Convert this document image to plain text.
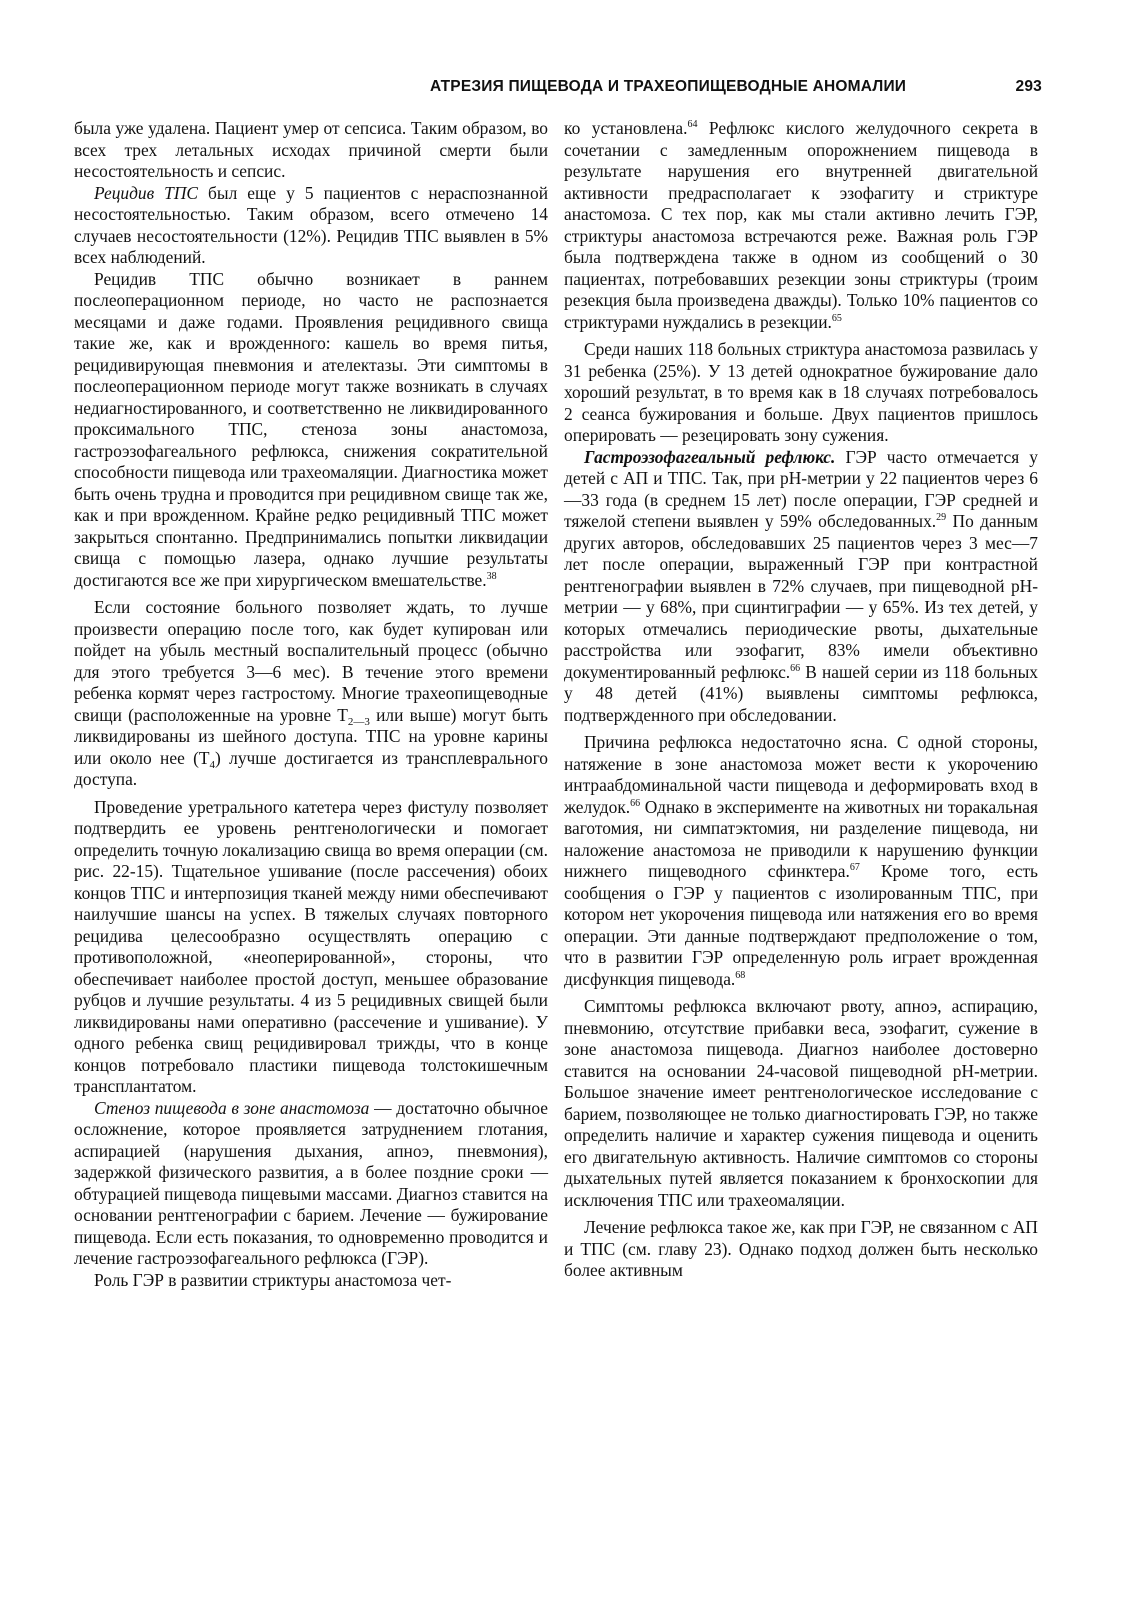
АТРЕЗИЯ ПИЩЕВОДА И ТРАХЕОПИЩЕВОДНЫЕ АНОМАЛИИ	293

была уже удалена. Пациент умер от сепсиса. Таким образом, во всех трех летальных исходах причиной смерти были несостоятельность и сепсис.

Рецидив ТПС был еще у 5 пациентов с нераспознанной несостоятельностью. Таким образом, всего отмечено 14 случаев несостоятельности (12%). Рецидив ТПС выявлен в 5% всех наблюдений.

Рецидив ТПС обычно возникает в раннем послеоперационном периоде, но часто не распознается месяцами и даже годами. Проявления рецидивного свища такие же, как и врожденного: кашель во время питья, рецидивирующая пневмония и ателектазы. Эти симптомы в послеоперационном периоде могут также возникать в случаях недиагностированного, и соответственно не ликвидированного проксимального ТПС, стеноза зоны анастомоза, гастроэзофагеального рефлюкса, снижения сократительной способности пищевода или трахеомаляции. Диагностика может быть очень трудна и проводится при рецидивном свище так же, как и при врожденном. Крайне редко рецидивный ТПС может закрыться спонтанно. Предпринимались попытки ликвидации свища с помощью лазера, однако лучшие результаты достигаются все же при хирургическом вмешательстве.$^{38}$

Если состояние больного позволяет ждать, то лучше произвести операцию после того, как будет купирован или пойдет на убыль местный воспалительный процесс (обычно для этого требуется 3—6 мес). В течение этого времени ребенка кормят через гастростому. Многие трахеопищеводные свищи (расположенные на уровне $Т_{2—3}$ или выше) могут быть ликвидированы из шейного доступа. ТПС на уровне карины или около нее $(Т_4)$ лучше достигается из трансплеврального доступа.

Проведение уретрального катетера через фистулу позволяет подтвердить ее уровень рентгенологически и помогает определить точную локализацию свища во время операции (см. рис. 22-15). Тщательное ушивание (после рассечения) обоих концов ТПС и интерпозиция тканей между ними обеспечивают наилучшие шансы на успех. В тяжелых случаях повторного рецидива целесообразно осуществлять операцию с противоположной, «неоперированной», стороны, что обеспечивает наиболее простой доступ, меньшее образование рубцов и лучшие результаты. 4 из 5 рецидивных свищей были ликвидированы нами оперативно (рассечение и ушивание). У одного ребенка свищ рецидивировал трижды, что в конце концов потребовало пластики пищевода толстокишечным трансплантатом.

Стеноз пищевода в зоне анастомоза — достаточно обычное осложнение, которое проявляется затруднением глотания, аспирацией (нарушения дыхания, апноэ, пневмония), задержкой физического развития, а в более поздние сроки — обтурацией пищевода пищевыми массами. Диагноз ставится на основании рентгенографии с барием. Лечение — бужирование пищевода. Если есть показания, то одновременно проводится и лечение гастроэзофагеального рефлюкса (ГЭР).

Роль ГЭР в развитии стриктуры анастомоза чет-

ко установлена.$^{64}$ Рефлюкс кислого желудочного секрета в сочетании с замедленным опорожнением пищевода в результате нарушения его внутренней двигательной активности предрасполагает к эзофагиту и стриктуре анастомоза. С тех пор, как мы стали активно лечить ГЭР, стриктуры анастомоза встречаются реже. Важная роль ГЭР была подтверждена также в одном из сообщений о 30 пациентах, потребовавших резекции зоны стриктуры (троим резекция была произведена дважды). Только 10% пациентов со стриктурами нуждались в резекции.$^{65}$

Среди наших 118 больных стриктура анастомоза развилась у 31 ребенка (25%). У 13 детей однократное бужирование дало хороший результат, в то время как в 18 случаях потребовалось 2 сеанса бужирования и больше. Двух пациентов пришлось оперировать — резецировать зону сужения.

Гастроэзофагеальный рефлюкс. ГЭР часто отмечается у детей с АП и ТПС. Так, при рН-метрии у 22 пациентов через 6—33 года (в среднем 15 лет) после операции, ГЭР средней и тяжелой степени выявлен у 59% обследованных.$^{29}$ По данным других авторов, обследовавших 25 пациентов через 3 мес—7 лет после операции, выраженный ГЭР при контрастной рентгенографии выявлен в 72% случаев, при пищеводной рН-метрии — у 68%, при сцинтиграфии — у 65%. Из тех детей, у которых отмечались периодические рвоты, дыхательные расстройства или эзофагит, 83% имели объективно документированный рефлюкс.$^{66}$ В нашей серии из 118 больных у 48 детей (41%) выявлены симптомы рефлюкса, подтвержденного при обследовании.

Причина рефлюкса недостаточно ясна. С одной стороны, натяжение в зоне анастомоза может вести к укорочению интраабдоминальной части пищевода и деформировать вход в желудок.$^{66}$ Однако в эксперименте на животных ни торакальная ваготомия, ни симпатэктомия, ни разделение пищевода, ни наложение анастомоза не приводили к нарушению функции нижнего пищеводного сфинктера.$^{67}$ Кроме того, есть сообщения о ГЭР у пациентов с изолированным ТПС, при котором нет укорочения пищевода или натяжения его во время операции. Эти данные подтверждают предположение о том, что в развитии ГЭР определенную роль играет врожденная дисфункция пищевода.$^{68}$

Симптомы рефлюкса включают рвоту, апноэ, аспирацию, пневмонию, отсутствие прибавки веса, эзофагит, сужение в зоне анастомоза пищевода. Диагноз наиболее достоверно ставится на основании 24-часовой пищеводной рН-метрии. Большое значение имеет рентгенологическое исследование с барием, позволяющее не только диагностировать ГЭР, но также определить наличие и характер сужения пищевода и оценить его двигательную активность. Наличие симптомов со стороны дыхательных путей является показанием к бронхоскопии для исключения ТПС или трахеомаляции.

Лечение рефлюкса такое же, как при ГЭР, не связанном с АП и ТПС (см. главу 23). Однако подход должен быть несколько более активным
